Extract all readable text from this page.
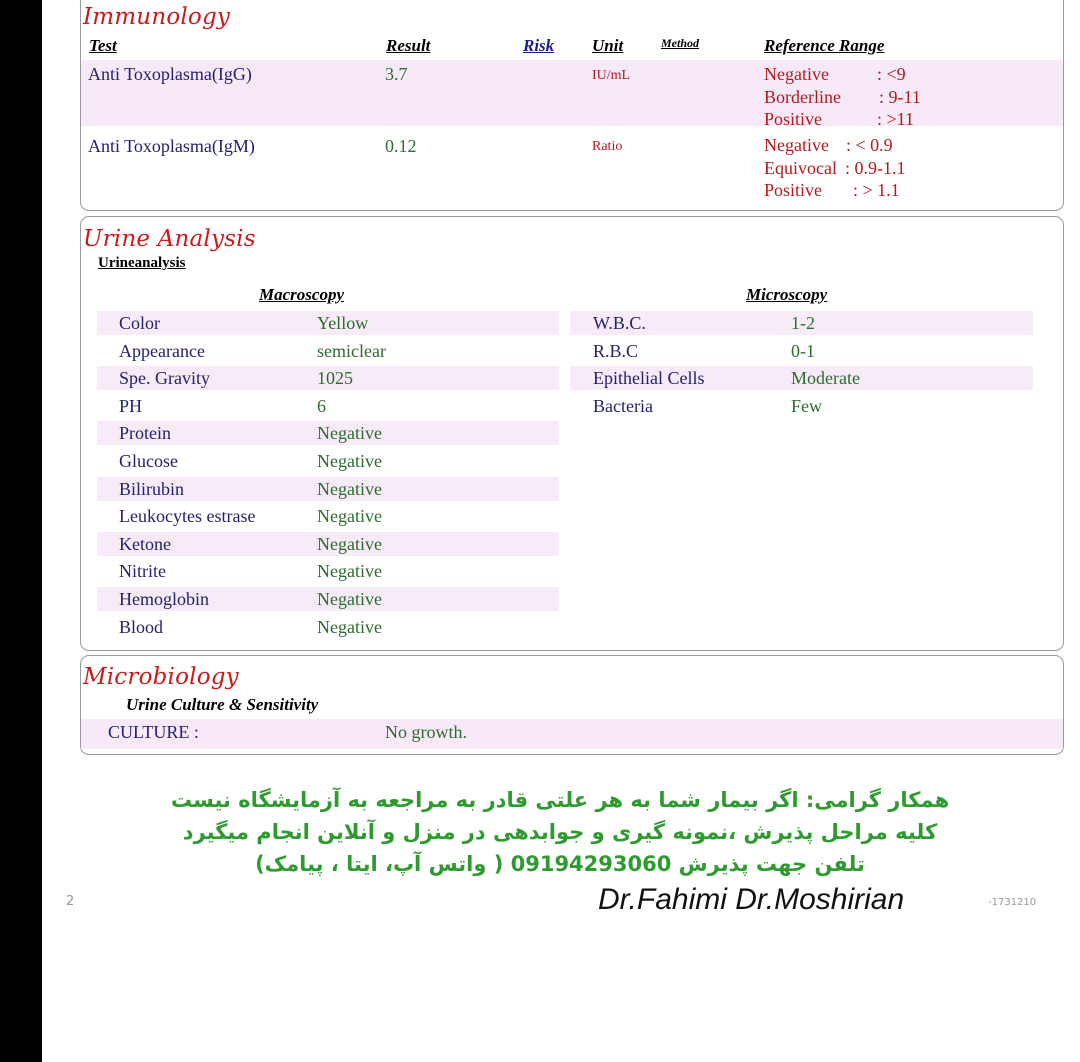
Immunology
Test	Result	Risk Unit	Method	Reference Range
Anti Toxoplasma(IgG)	3.7	IU/mL	Negative	: <9
Borderline : 9-11
Positive	: >11
Anti Toxoplasma(IgM)	0.12	Ratio	Negative : < 0.9
Equivocal : 0.9-1.1
Positive : > 1.1
Urine Analysis
Urineanalysis
Macroscopy	Microscopy
Color	Yellow
Appearance	semiclear
Spe. Gravity	1025
PH	6
Protein	Negative
Glucose	Negative
Bilirubin	Negative
Leukocytes estrase	Negative
Ketone	Negative
Nitrite	Negative
Hemoglobin	Negative
Blood	Negative
W.B.C.	1-2
R.B.C	0-1
Epithelial Cells	Moderate
Bacteria	Few
Microbiology
Urine Culture & Sensitivity
CULTURE :	No growth.
همکار گرامی: اگر بیمار شما به هر علتی قادر به مراجعه به آزمایشگاه نیست
کلیه مراحل پذیرش ،نمونه گیری و جوابدهی در منزل و آنلاین انجام میگیرد
تلفن جهت پذیرش 09194293060 ( واتس آپ، ایتا ، پیامک)
Dr.Fahimi Dr.Moshirian
2	-1731210
